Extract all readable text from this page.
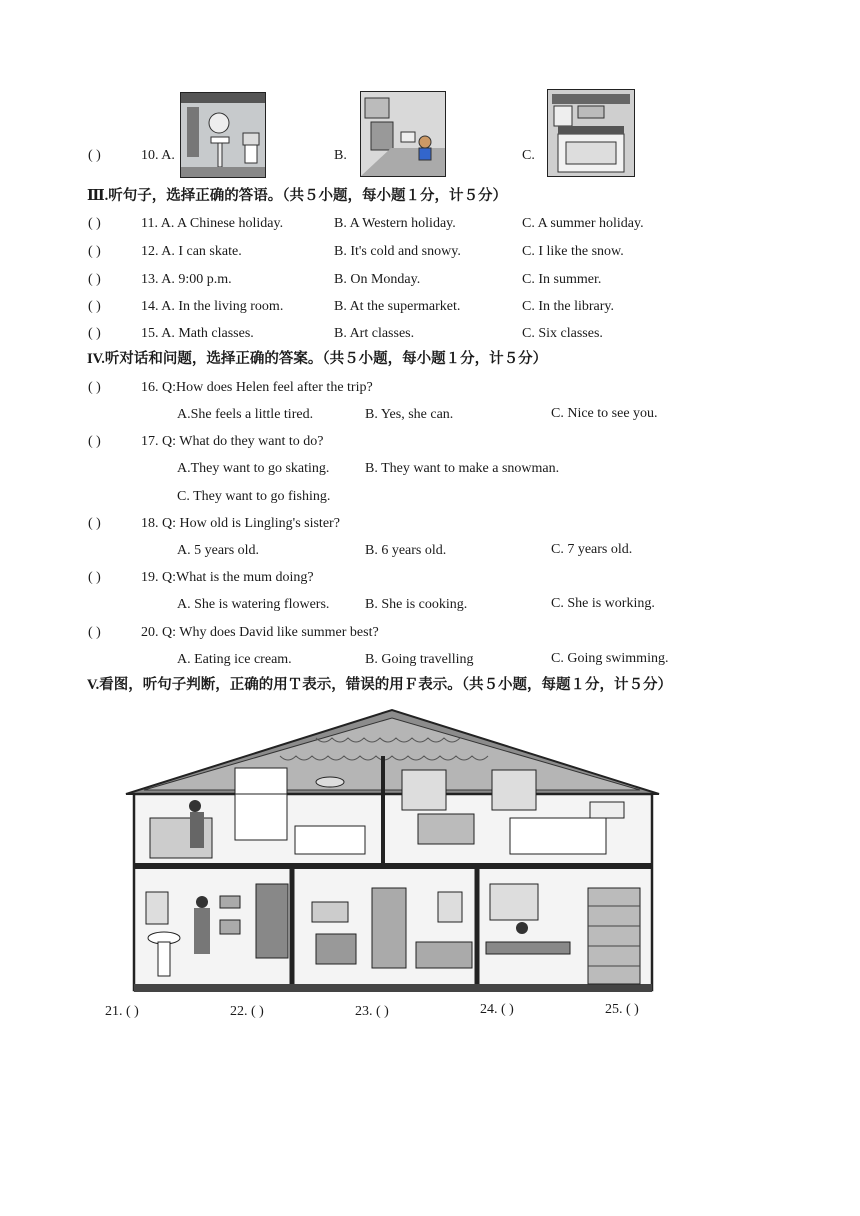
( )	10. A.	B.	C.
Ⅲ.听句子，选择正确的答语。（共５小题，每小题１分，计５分）
( )	11. A. A Chinese holiday.	B. A Western holiday.	C. A summer holiday.
( )	12. A. I can skate.	B. It's cold and snowy.	C. I like the snow.
( )	13. A. 9:00 p.m.	B. On Monday.	C. In summer.
( )	14. A. In the living room.	B. At the supermarket.	C. In the library.
( )	15. A. Math classes.	B. Art classes.	C. Six classes.
IV.听对话和问题，选择正确的答案。（共５小题，每小题１分，计５分）
( )	16. Q:How does Helen feel after the trip?
A.She feels a little tired.	B. Yes, she can.	C. Nice to see you.
( )	17. Q: What do they want to do?
A.They want to go skating.	B. They want to make a snowman.
C. They want to go fishing.
( )	18. Q: How old is Lingling's sister?
A. 5 years old.	B. 6 years old.	C. 7 years old.
( )	19. Q:What is the mum doing?
A. She is watering flowers.	B. She is cooking.	C. She is working.
( )	20. Q: Why does David like summer best?
A. Eating ice cream.	B. Going travelling	C. Going swimming.
V.看图，听句子判断，正确的用Ｔ表示，错误的用Ｆ表示。（共５小题，每题１分，计５分）
21. ( )	22. ( )	23. ( )	24. ( )	25. ( )
